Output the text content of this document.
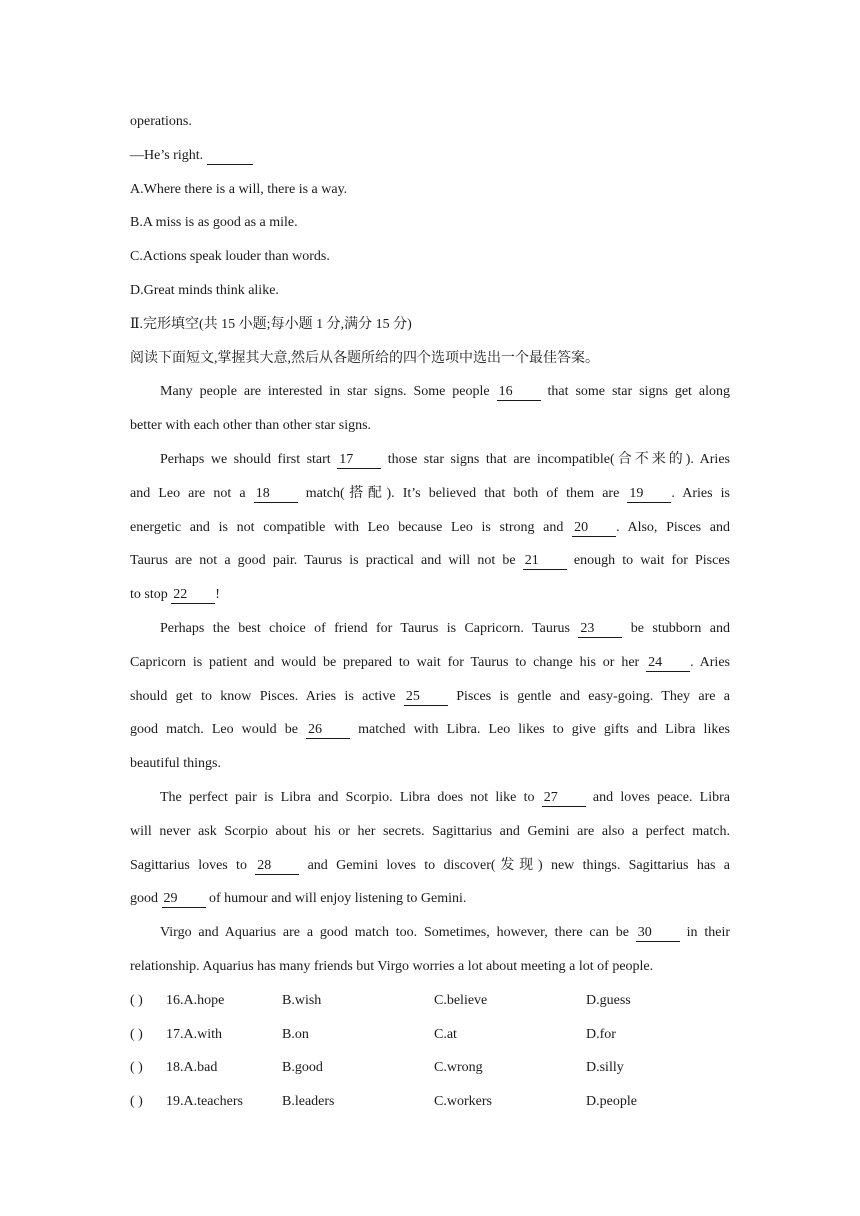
operations.
—He’s right.
A.Where there is a will, there is a way.
B.A miss is as good as a mile.
C.Actions speak louder than words.
D.Great minds think alike.
Ⅱ.完形填空(共 15 小题;每小题 1 分,满分 15 分)
阅读下面短文,掌握其大意,然后从各题所给的四个选项中选出一个最佳答案。
Many people are interested in star signs. Some people 16 that some star signs get along
better with each other than other star signs.
Perhaps we should first start 17 those star signs that are incompatible(合不来的). Aries
and Leo are not a 18 match(搭配). It’s believed that both of them are 19 . Aries is
energetic and is not compatible with Leo because Leo is strong and 20 . Also, Pisces and
Taurus are not a good pair. Taurus is practical and will not be 21 enough to wait for Pisces
to stop 22 !
Perhaps the best choice of friend for Taurus is Capricorn. Taurus 23 be stubborn and
Capricorn is patient and would be prepared to wait for Taurus to change his or her 24 . Aries
should get to know Pisces. Aries is active 25 Pisces is gentle and easy-going. They are a
good match. Leo would be 26 matched with Libra. Leo likes to give gifts and Libra likes
beautiful things.
The perfect pair is Libra and Scorpio. Libra does not like to 27 and loves peace. Libra
will never ask Scorpio about his or her secrets. Sagittarius and Gemini are also a perfect match.
Sagittarius loves to 28 and Gemini loves to discover(发现) new things. Sagittarius has a
good 29 of humour and will enjoy listening to Gemini.
Virgo and Aquarius are a good match too. Sometimes, however, there can be 30 in their
relationship. Aquarius has many friends but Virgo worries a lot about meeting a lot of people.
( ) 16.A.hope	B.wish	C.believe	D.guess
( ) 17.A.with	B.on	C.at	D.for
( ) 18.A.bad	B.good	C.wrong	D.silly
( ) 19.A.teachers	B.leaders	C.workers	D.people
